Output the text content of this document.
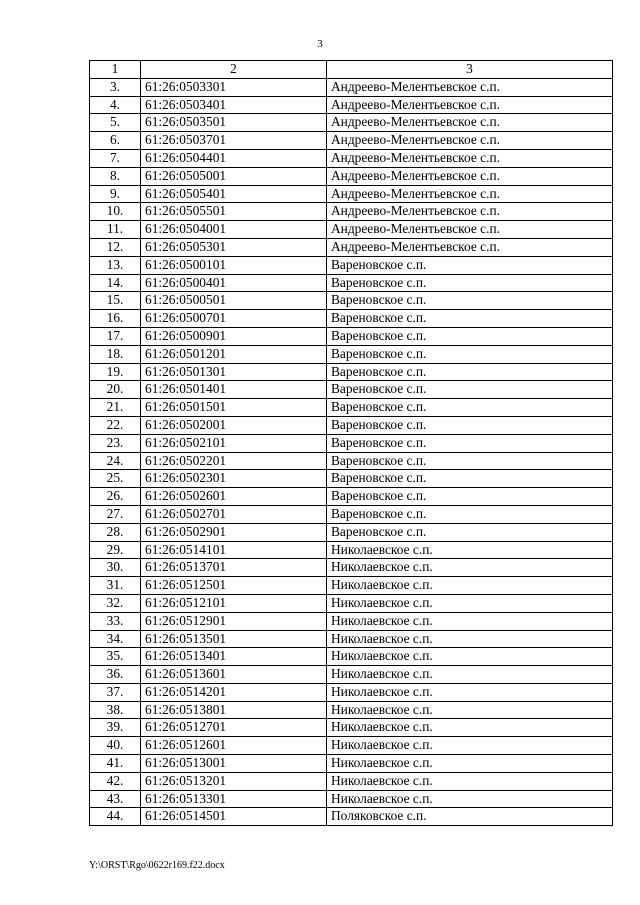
3
1	2	3
3.	61:26:0503301	Андреево-Мелентьевское с.п.
4.	61:26:0503401	Андреево-Мелентьевское с.п.
5.	61:26:0503501	Андреево-Мелентьевское с.п.
6.	61:26:0503701	Андреево-Мелентьевское с.п.
7.	61:26:0504401	Андреево-Мелентьевское с.п.
8.	61:26:0505001	Андреево-Мелентьевское с.п.
9.	61:26:0505401	Андреево-Мелентьевское с.п.
10.	61:26:0505501	Андреево-Мелентьевское с.п.
11.	61:26:0504001	Андреево-Мелентьевское с.п.
12.	61:26:0505301	Андреево-Мелентьевское с.п.
13.	61:26:0500101	Вареновское с.п.
14.	61:26:0500401	Вареновское с.п.
15.	61:26:0500501	Вареновское с.п.
16.	61:26:0500701	Вареновское с.п.
17.	61:26:0500901	Вареновское с.п.
18.	61:26:0501201	Вареновское с.п.
19.	61:26:0501301	Вареновское с.п.
20.	61:26:0501401	Вареновское с.п.
21.	61:26:0501501	Вареновское с.п.
22.	61:26:0502001	Вареновское с.п.
23.	61:26:0502101	Вареновское с.п.
24.	61:26:0502201	Вареновское с.п.
25.	61:26:0502301	Вареновское с.п.
26.	61:26:0502601	Вареновское с.п.
27.	61:26:0502701	Вареновское с.п.
28.	61:26:0502901	Вареновское с.п.
29.	61:26:0514101	Николаевское с.п.
30.	61:26:0513701	Николаевское с.п.
31.	61:26:0512501	Николаевское с.п.
32.	61:26:0512101	Николаевское с.п.
33.	61:26:0512901	Николаевское с.п.
34.	61:26:0513501	Николаевское с.п.
35.	61:26:0513401	Николаевское с.п.
36.	61:26:0513601	Николаевское с.п.
37.	61:26:0514201	Николаевское с.п.
38.	61:26:0513801	Николаевское с.п.
39.	61:26:0512701	Николаевское с.п.
40.	61:26:0512601	Николаевское с.п.
41.	61:26:0513001	Николаевское с.п.
42.	61:26:0513201	Николаевское с.п.
43.	61:26:0513301	Николаевское с.п.
44.	61:26:0514501	Поляковское с.п.
Y:\ORST\Rgo\0622r169.f22.docx
